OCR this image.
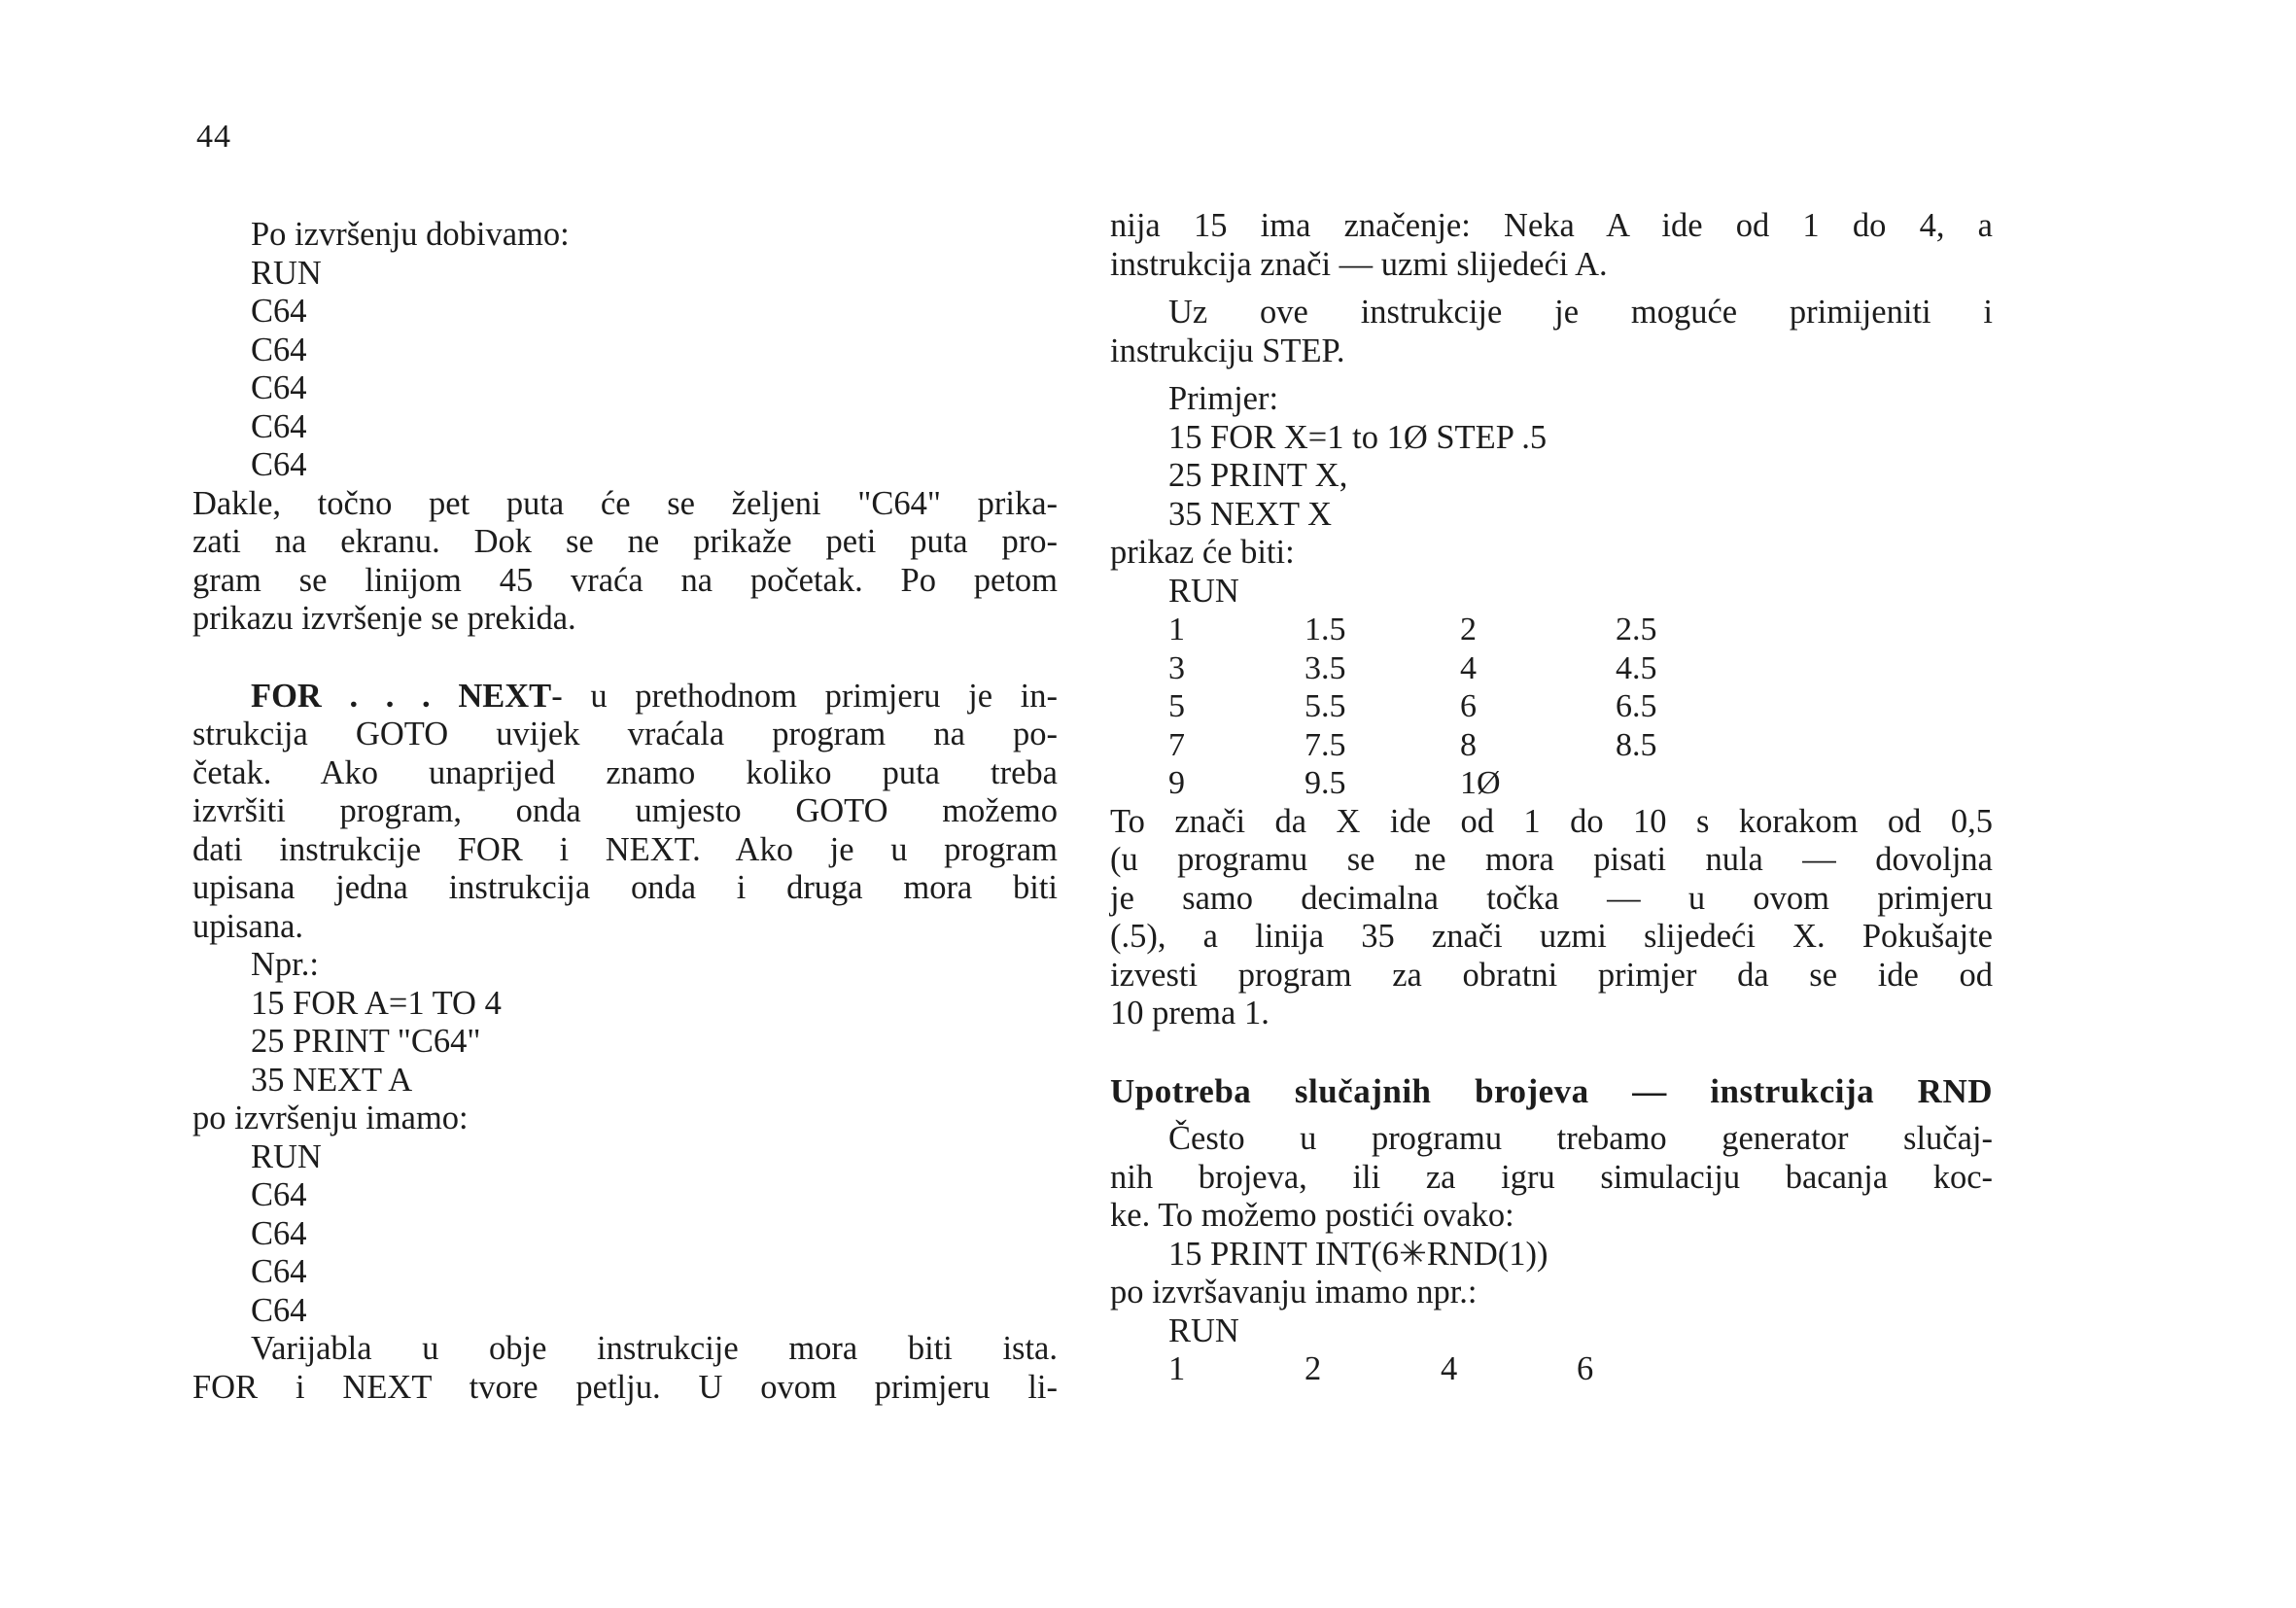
44

Po izvršenju dobivamo:

RUN

C64

C64

C64

C64

C64

Dakle, točno pet puta će se željeni "C64" prika-

zati na ekranu. Dok se ne prikaže peti puta pro-

gram se linijom 45 vraća na početak. Po petom

prikazu izvršenje se prekida.

FOR . . . NEXT- u prethodnom primjeru je in-

strukcija GOTO uvijek vraćala program na po-

četak. Ako unaprijed znamo koliko puta treba

izvršiti program, onda umjesto GOTO možemo

dati instrukcije FOR i NEXT. Ako je u program

upisana jedna instrukcija onda i druga mora biti

upisana.

Npr.:

15 FOR A=1 TO 4

25 PRINT "C64"

35 NEXT A

po izvršenju imamo:

RUN

C64

C64

C64

C64

Varijabla u obje instrukcije mora biti ista.

FOR i NEXT tvore petlju. U ovom primjeru li-

nija 15 ima značenje: Neka A ide od 1 do 4, a

instrukcija znači — uzmi slijedeći A.

Uz ove instrukcije je moguće primijeniti i

instrukciju STEP.

Primjer:

15 FOR X=1 to 1Ø STEP .5

25 PRINT X,

35 NEXT X

prikaz će biti:

RUN

1	1.5	2	2.5
3	3.5	4	4.5
5	5.5	6	6.5
7	7.5	8	8.5
9	9.5	1Ø	

To znači da X ide od 1 do 10 s korakom od 0,5

(u programu se ne mora pisati nula — dovoljna

je samo decimalna točka — u ovom primjeru

(.5), a linija 35 znači uzmi slijedeći X. Pokušajte

izvesti program za obratni primjer da se ide od

10 prema 1.

Upotreba slučajnih brojeva — instrukcija RND

Često u programu trebamo generator slučaj-

nih brojeva, ili za igru simulaciju bacanja koc-

ke. To možemo postići ovako:

15 PRINT INT(6✳RND(1))

po izvršavanju imamo npr.:

RUN

1	2	4	6
